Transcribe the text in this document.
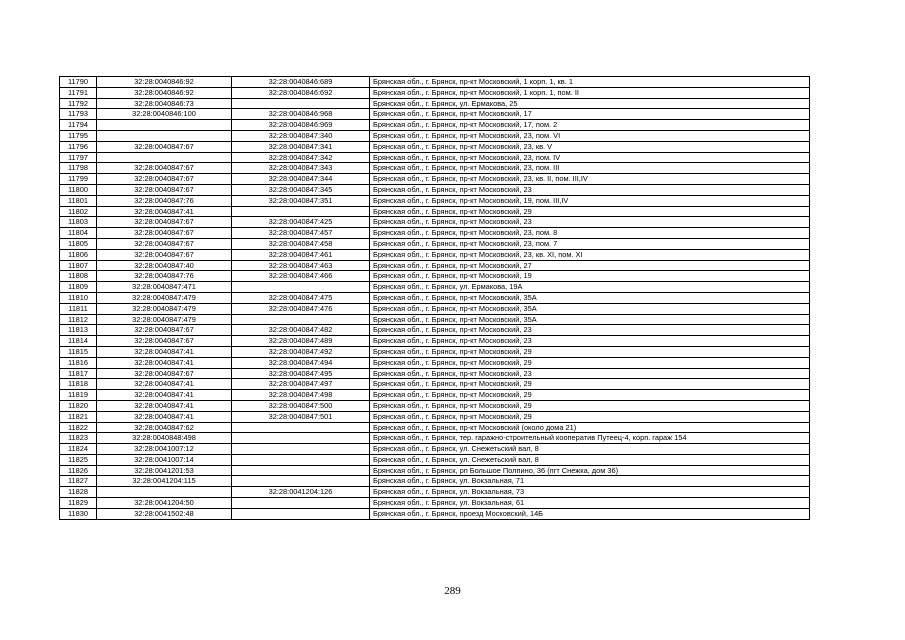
11790	32:28:0040846:92	32:28:0040846:689	Брянская обл., г. Брянск, пр-кт Московский, 1 корп. 1, кв. 1
11791	32:28:0040846:92	32:28:0040846:692	Брянская обл., г. Брянск, пр-кт Московский, 1 корп. 1, пом. II
11792	32:28:0040846:73		Брянская обл., г. Брянск, ул. Ермакова, 25
11793	32:28:0040846:100	32:28:0040846:968	Брянская обл., г. Брянск, пр-кт Московский, 17
11794		32:28:0040846:969	Брянская обл., г. Брянск, пр-кт Московский, 17, пом. 2
11795		32:28:0040847:340	Брянская обл., г. Брянск, пр-кт Московский, 23, пом. VI
11796	32:28:0040847:67	32:28:0040847:341	Брянская обл., г. Брянск, пр-кт Московский, 23, кв. V
11797		32:28:0040847:342	Брянская обл., г. Брянск, пр-кт Московский, 23, пом. IV
11798	32:28:0040847:67	32:28:0040847:343	Брянская обл., г. Брянск, пр-кт Московский, 23, пом. III
11799	32:28:0040847:67	32:28:0040847:344	Брянская обл., г. Брянск, пр-кт Московский, 23, кв. II, пом. III,IV
11800	32:28:0040847:67	32:28:0040847:345	Брянская обл., г. Брянск, пр-кт Московский, 23
11801	32:28:0040847:76	32:28:0040847:351	Брянская обл., г. Брянск, пр-кт Московский, 19, пом. III,IV
11802	32:28:0040847:41		Брянская обл., г. Брянск, пр-кт Московский, 29
11803	32:28:0040847:67	32:28:0040847:425	Брянская обл., г. Брянск, пр-кт Московский, 23
11804	32:28:0040847:67	32:28:0040847:457	Брянская обл., г. Брянск, пр-кт Московский, 23, пом. 8
11805	32:28:0040847:67	32:28:0040847:458	Брянская обл., г. Брянск, пр-кт Московский, 23, пом. 7
11806	32:28:0040847:67	32:28:0040847:461	Брянская обл., г. Брянск, пр-кт Московский, 23, кв. XI, пом. XI
11807	32:28:0040847:40	32:28:0040847:463	Брянская обл., г. Брянск, пр-кт Московский, 27
11808	32:28:0040847:76	32:28:0040847:466	Брянская обл., г. Брянск, пр-кт Московский, 19
11809	32:28:0040847:471		Брянская обл., г. Брянск, ул. Ермакова, 19А
11810	32:28:0040847:479	32:28:0040847:475	Брянская обл., г. Брянск, пр-кт Московский, 35А
11811	32:28:0040847:479	32:28:0040847:476	Брянская обл., г. Брянск, пр-кт Московский, 35А
11812	32:28:0040847:479		Брянская обл., г. Брянск, пр-кт Московский, 35А
11813	32:28:0040847:67	32:28:0040847:482	Брянская обл., г. Брянск, пр-кт Московский, 23
11814	32:28:0040847:67	32:28:0040847:489	Брянская обл., г. Брянск, пр-кт Московский, 23
11815	32:28:0040847:41	32:28:0040847:492	Брянская обл., г. Брянск, пр-кт Московский, 29
11816	32:28:0040847:41	32:28:0040847:494	Брянская обл., г. Брянск, пр-кт Московский, 29
11817	32:28:0040847:67	32:28:0040847:495	Брянская обл., г. Брянск, пр-кт Московский, 23
11818	32:28:0040847:41	32:28:0040847:497	Брянская обл., г. Брянск, пр-кт Московский, 29
11819	32:28:0040847:41	32:28:0040847:498	Брянская обл., г. Брянск, пр-кт Московский, 29
11820	32:28:0040847:41	32:28:0040847:500	Брянская обл., г. Брянск, пр-кт Московский, 29
11821	32:28:0040847:41	32:28:0040847:501	Брянская обл., г. Брянск, пр-кт Московский, 29
11822	32:28:0040847:62		Брянская обл., г. Брянск, пр-кт Московский (около дома 21)
11823	32:28:0040848:498		Брянская обл., г. Брянск, тер. гаражно-строительный кооператив Путеец-4, корп. гараж 154
11824	32:28:0041007:12		Брянская обл., г. Брянск, ул. Снежетьский вал, 8
11825	32:28:0041007:14		Брянская обл., г. Брянск, ул. Снежетьский вал, 8
11826	32:28:0041201:53		Брянская обл., г. Брянск, рп Большое Полпино, 36 (пгт Снежка, дом 36)
11827	32:28:0041204:115		Брянская обл., г. Брянск, ул. Вокзальная, 71
11828		32:28:0041204:126	Брянская обл., г. Брянск, ул. Вокзальная, 73
11829	32:28:0041204:50		Брянская обл., г. Брянск, ул. Вокзальная, 61
11830	32:28:0041502:48		Брянская обл., г. Брянск, проезд Московский, 14Б
289
